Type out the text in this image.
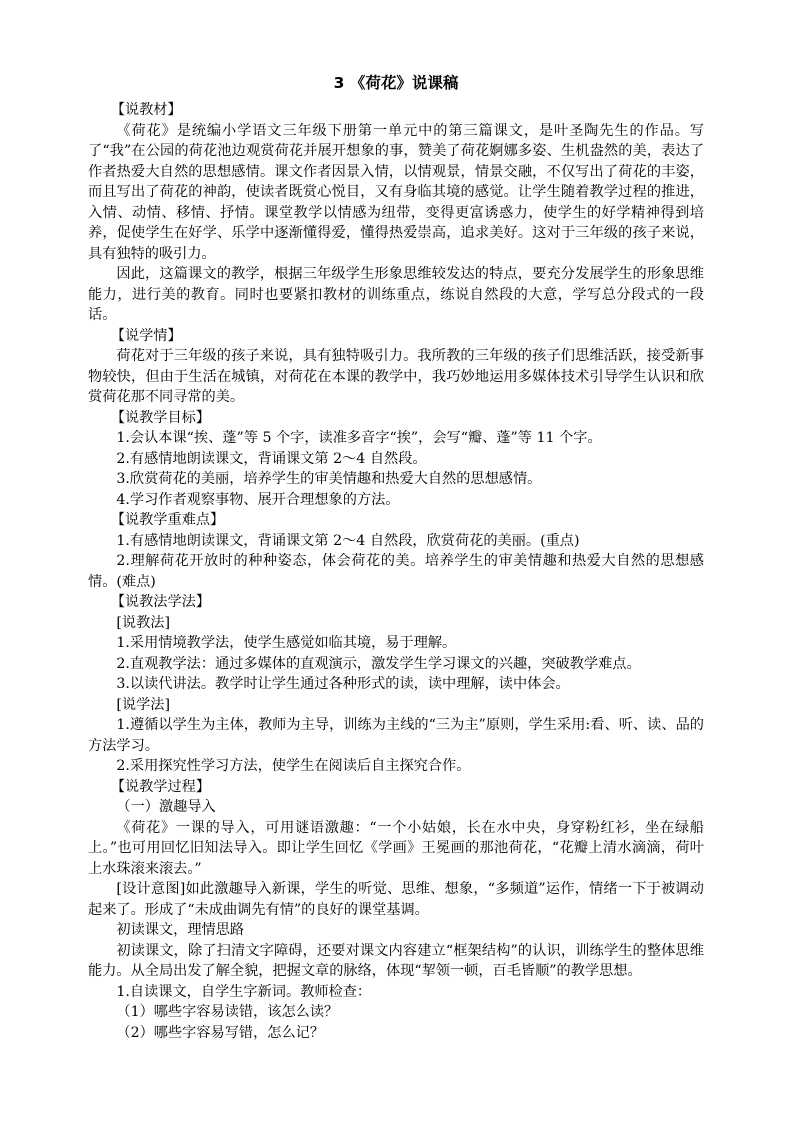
3 《荷花》说课稿

【说教材】

《荷花》是统编小学语文三年级下册第一单元中的第三篇课文，是叶圣陶先生的作品。写了“我”在公园的荷花池边观赏荷花并展开想象的事，赞美了荷花婀娜多姿、生机盎然的美，表达了作者热爱大自然的思想感情。课文作者因景入情，以情观景，情景交融，不仅写出了荷花的丰姿，而且写出了荷花的神韵，使读者既赏心悦目，又有身临其境的感觉。让学生随着教学过程的推进，入情、动情、移情、抒情。课堂教学以情感为纽带，变得更富诱惑力，使学生的好学精神得到培养，促使学生在好学、乐学中逐渐懂得爱，懂得热爱崇高，追求美好。这对于三年级的孩子来说，具有独特的吸引力。

因此，这篇课文的教学，根据三年级学生形象思维较发达的特点，要充分发展学生的形象思维能力，进行美的教育。同时也要紧扣教材的训练重点，练说自然段的大意，学写总分段式的一段话。

【说学情】

荷花对于三年级的孩子来说，具有独特吸引力。我所教的三年级的孩子们思维活跃，接受新事物较快，但由于生活在城镇，对荷花在本课的教学中，我巧妙地运用多媒体技术引导学生认识和欣赏荷花那不同寻常的美。

【说教学目标】

1.会认本课“挨、蓬”等 5 个字，读准多音字“挨”，会写“瓣、蓬”等 11 个字。

2.有感情地朗读课文，背诵课文第 2～4 自然段。

3.欣赏荷花的美丽，培养学生的审美情趣和热爱大自然的思想感情。

4.学习作者观察事物、展开合理想象的方法。

【说教学重难点】

1.有感情地朗读课文，背诵课文第 2～4 自然段，欣赏荷花的美丽。(重点)

2.理解荷花开放时的种种姿态，体会荷花的美。培养学生的审美情趣和热爱大自然的思想感情。(难点)

【说教法学法】

[说教法]

1.采用情境教学法，使学生感觉如临其境，易于理解。

2.直观教学法：通过多媒体的直观演示，激发学生学习课文的兴趣，突破教学难点。

3.以读代讲法。教学时让学生通过各种形式的读，读中理解，读中体会。

[说学法]

1.遵循以学生为主体，教师为主导，训练为主线的“三为主”原则，学生采用:看、听、读、品的方法学习。

2.采用探究性学习方法，使学生在阅读后自主探究合作。

【说教学过程】

（一）激趣导入

《荷花》一课的导入，可用谜语激趣：“一个小姑娘，长在水中央，身穿粉红衫，坐在绿船上。”也可用回忆旧知法导入。即让学生回忆《学画》王冕画的那池荷花，“花瓣上清水滴滴，荷叶上水珠滚来滚去。”

[设计意图]如此激趣导入新课，学生的听觉、思维、想象，“多频道”运作，情绪一下于被调动起来了。形成了“未成曲调先有情”的良好的课堂基调。

初读课文，理情思路

初读课文，除了扫清文字障碍，还要对课文内容建立“框架结构”的认识，训练学生的整体思维能力。从全局出发了解全貌，把握文章的脉络，体现“挈领一顿，百毛皆顺”的教学思想。

1.自读课文，自学生字新词。教师检查：

（1）哪些字容易读错，该怎么读？

（2）哪些字容易写错，怎么记？
